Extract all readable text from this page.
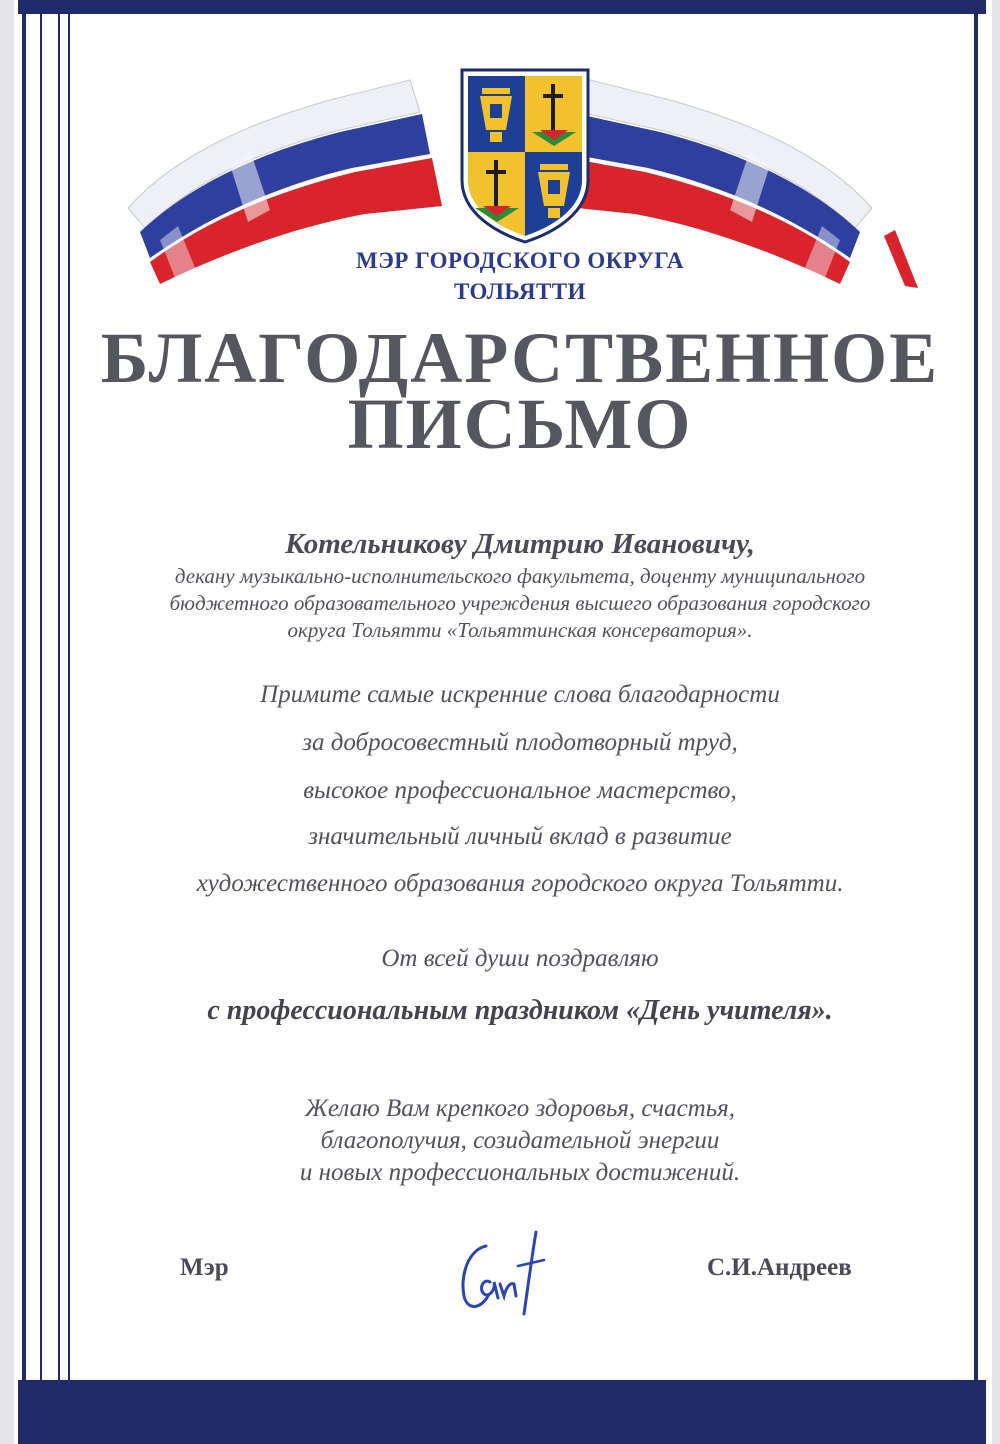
МЭР ГОРОДСКОГО ОКРУГА
ТОЛЬЯТТИ
БЛАГОДАРСТВЕННОЕ
ПИСЬМО
Котельникову Дмитрию Ивановичу,
декану музыкально-исполнительского факультета, доценту муниципального
бюджетного образовательного учреждения высшего образования городского
округа Тольятти «Тольяттинская консерватория».
Примите самые искренние слова благодарности
за добросовестный плодотворный труд,
высокое профессиональное мастерство,
значительный личный вклад в развитие
художественного образования городского округа Тольятти.
От всей души поздравляю
с профессиональным праздником «День учителя».
Желаю Вам крепкого здоровья, счастья,
благополучия, созидательной энергии
и новых профессиональных достижений.
Мэр	С.И.Андреев
